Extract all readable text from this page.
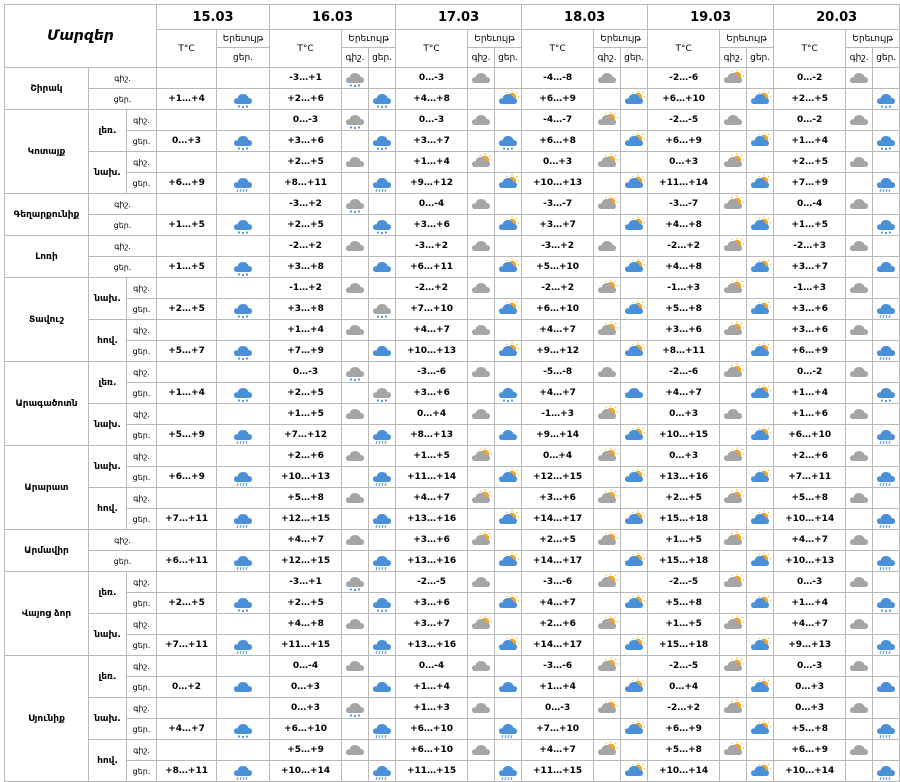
Մարզեր			15.03		16.03			17.03			18.03			19.03			20.03		
			T°C	Երեւույթ	T°C	Երեւույթ		T°C	Երեւույթ		T°C	Երեւույթ		T°C	Երեւույթ		T°C	Երեւույթ	
				ցեր.		գիշ.	ցեր.		գիշ.	ցեր.		գիշ.	ցեր.		գիշ.	ցեր.		գիշ.	ցեր.
Շիրակ	գիշ.				-3…+1			0…-3			-4…-8			-2…-6			0…-2	

	ցեր.		+1…+4		+2…+6			+4…+8			+6…+9			+6…+10			+2…+5		

Կոտայք	լեռ.	գիշ.			0…-3			0…-3			-4…-7			-2…-5			0…-2	

		ցեր.	0…+3		+3…+6			+3…+7			+6…+8			+6…+9			+1…+4		

	նախ.	գիշ.			+2…+5			+1…+4			0…+3			0…+3			+2…+5	

		ցեր.	+6…+9		+8…+11			+9…+12			+10…+13			+11…+14			+7…+9		

Գեղարքունիք	գիշ.				-3…+2			0…-4			-3…-7			-3…-7			0…-4	

	ցեր.		+1…+5		+2…+5			+3…+6			+3…+7			+4…+8			+1…+5		

Լոռի	գիշ.				-2…+2			-3…+2			-3…+2			-2…+2			-2…+3	

	ցեր.		+1…+5		+3…+8			+6…+11			+5…+10			+4…+8			+3…+7		

Տավուշ	նախ.	գիշ.			-1…+2			-2…+2			-2…+2			-1…+3			-1…+3	

		ցեր.	+2…+5		+3…+8			+7…+10			+6…+10			+5…+8			+3…+6		

	հով.	գիշ.			+1…+4			+4…+7			+4…+7			+3…+6			+3…+6	

		ցեր.	+5…+7		+7…+9			+10…+13			+9…+12			+8…+11			+6…+9		

Արագածոտն	լեռ.	գիշ.			0…-3			-3…-6			-5…-8			-2…-6			0…-2	

		ցեր.	+1…+4		+2…+5			+3…+6			+4…+7			+4…+7			+1…+4		

	նախ.	գիշ.			+1…+5			0…+4			-1…+3			0…+3			+1…+6	

		ցեր.	+5…+9		+7…+12			+8…+13			+9…+14			+10…+15			+6…+10		

Արարատ	նախ.	գիշ.			+2…+6			+1…+5			0…+4			0…+3			+2…+6	

		ցեր.	+6…+9		+10…+13			+11…+14			+12…+15			+13…+16			+7…+11		

	հով.	գիշ.			+5…+8			+4…+7			+3…+6			+2…+5			+5…+8	

		ցեր.	+7…+11		+12…+15			+13…+16			+14…+17			+15…+18			+10…+14		

Արմավիր	գիշ.				+4…+7			+3…+6			+2…+5			+1…+5			+4…+7	

	ցեր.		+6…+11		+12…+15			+13…+16			+14…+17			+15…+18			+10…+13		

Վայոց ձոր	լեռ.	գիշ.			-3…+1			-2…-5			-3…-6			-2…-5			0…-3	

		ցեր.	+2…+5		+2…+5			+3…+6			+4…+7			+5…+8			+1…+4		

	նախ.	գիշ.			+4…+8			+3…+7			+2…+6			+1…+5			+4…+7	

		ցեր.	+7…+11		+11…+15			+13…+16			+14…+17			+15…+18			+9…+13		

Սյունիք	լեռ.	գիշ.			0…-4			0…-4			-3…-6			-2…-5			0…-3	

		ցեր.	0…+2		0…+3			+1…+4			+1…+4			0…+4			0…+3		

	նախ.	գիշ.			0…+3			+1…+3			0…-3			-2…+2			0…+3	

		ցեր.	+4…+7		+6…+10			+6…+10			+7…+10			+6…+9			+5…+8		

	հով.	գիշ.			+5…+9			+6…+10			+4…+7			+5…+8			+6…+9	

		ցեր.	+8…+11		+10…+14			+11…+15			+11…+15			+10…+14			+10…+14		
